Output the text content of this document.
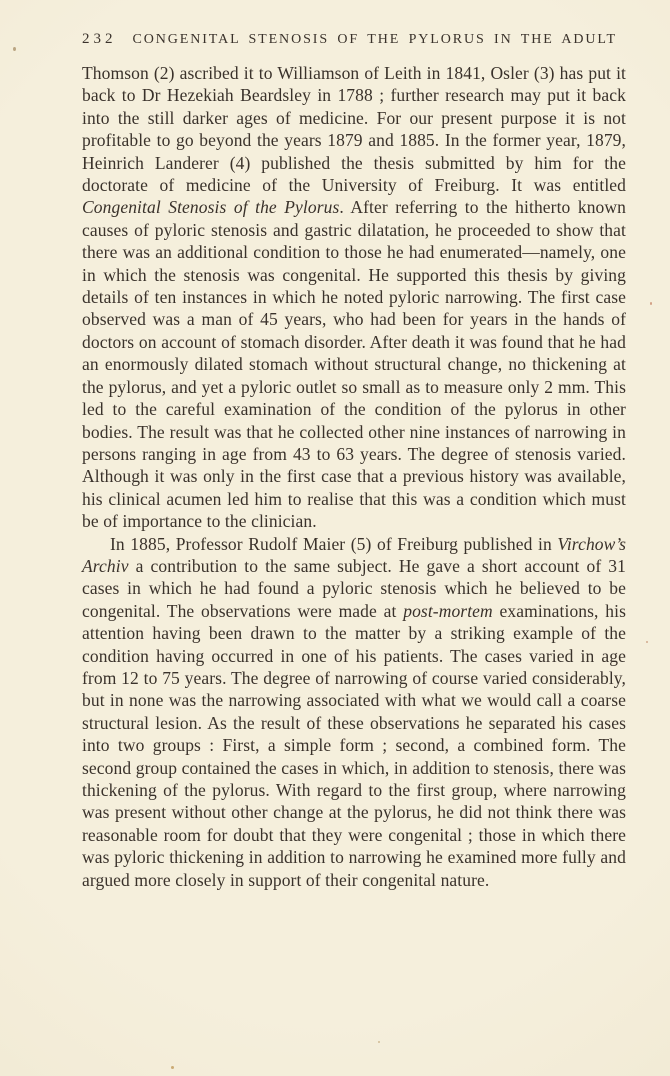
232 CONGENITAL STENOSIS OF THE PYLORUS IN THE ADULT

Thomson (2) ascribed it to Williamson of Leith in 1841, Osler (3) has put it back to Dr Hezekiah Beardsley in 1788 ; further research may put it back into the still darker ages of medicine. For our present purpose it is not profitable to go beyond the years 1879 and 1885. In the former year, 1879, Heinrich Landerer (4) published the thesis submitted by him for the doctorate of medicine of the University of Freiburg. It was entitled Congenital Stenosis of the Pylorus. After referring to the hitherto known causes of pyloric stenosis and gastric dilatation, he proceeded to show that there was an additional condition to those he had enumerated—namely, one in which the stenosis was congenital. He supported this thesis by giving details of ten instances in which he noted pyloric narrowing. The first case observed was a man of 45 years, who had been for years in the hands of doctors on account of stomach disorder. After death it was found that he had an enormously dilated stomach without structural change, no thickening at the pylorus, and yet a pyloric outlet so small as to measure only 2 mm. This led to the careful examination of the condition of the pylorus in other bodies. The result was that he collected other nine instances of narrowing in persons ranging in age from 43 to 63 years. The degree of stenosis varied. Although it was only in the first case that a previous history was available, his clinical acumen led him to realise that this was a condition which must be of importance to the clinician.

In 1885, Professor Rudolf Maier (5) of Freiburg published in Virchow’s Archiv a contribution to the same subject. He gave a short account of 31 cases in which he had found a pyloric stenosis which he believed to be congenital. The observations were made at post-mortem examinations, his attention having been drawn to the matter by a striking example of the condition having occurred in one of his patients. The cases varied in age from 12 to 75 years. The degree of narrowing of course varied considerably, but in none was the narrowing associated with what we would call a coarse structural lesion. As the result of these observations he separated his cases into two groups : First, a simple form ; second, a combined form. The second group contained the cases in which, in addition to stenosis, there was thickening of the pylorus. With regard to the first group, where narrowing was present without other change at the pylorus, he did not think there was reasonable room for doubt that they were congenital ; those in which there was pyloric thickening in addition to narrowing he examined more fully and argued more closely in support of their congenital nature.
